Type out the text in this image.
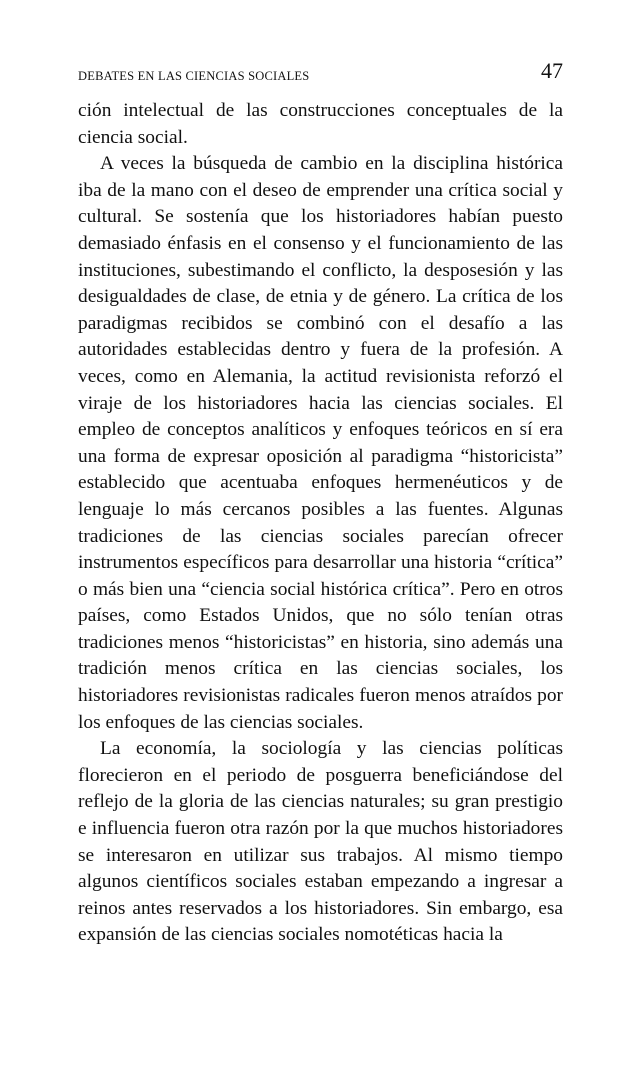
DEBATES EN LAS CIENCIAS SOCIALES	47

ción intelectual de las construcciones conceptuales de la ciencia social.

A veces la búsqueda de cambio en la disciplina histórica iba de la mano con el deseo de emprender una crítica social y cultural. Se sostenía que los historiadores habían puesto demasiado énfasis en el consenso y el funcionamiento de las instituciones, subestimando el conflicto, la desposesión y las desigualdades de clase, de etnia y de género. La crítica de los paradigmas recibidos se combinó con el desafío a las autoridades establecidas dentro y fuera de la profesión. A veces, como en Alemania, la actitud revisionista reforzó el viraje de los historiadores hacia las ciencias sociales. El empleo de conceptos analíticos y enfoques teóricos en sí era una forma de expresar oposición al paradigma “historicista” establecido que acentuaba enfoques hermenéuticos y de lenguaje lo más cercanos posibles a las fuentes. Algunas tradiciones de las ciencias sociales parecían ofrecer instrumentos específicos para desarrollar una historia “crítica” o más bien una “ciencia social histórica crítica”. Pero en otros países, como Estados Unidos, que no sólo tenían otras tradiciones menos “historicistas” en historia, sino además una tradición menos crítica en las ciencias sociales, los historiadores revisionistas radicales fueron menos atraídos por los enfoques de las ciencias sociales.

La economía, la sociología y las ciencias políticas florecieron en el periodo de posguerra beneficiándose del reflejo de la gloria de las ciencias naturales; su gran prestigio e influencia fueron otra razón por la que muchos historiadores se interesaron en utilizar sus trabajos. Al mismo tiempo algunos científicos sociales estaban empezando a ingresar a reinos antes reservados a los historiadores. Sin embargo, esa expansión de las ciencias sociales nomotéticas hacia la
